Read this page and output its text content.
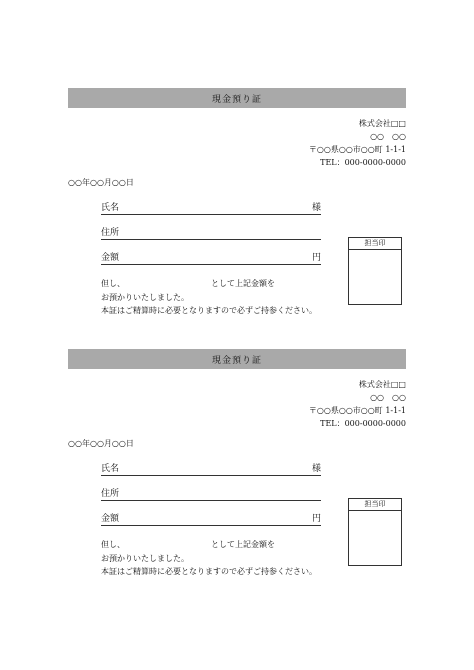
現金預り証
株式会社□□
○○　○○
〒○○県○○市○○町 1-1-1
TEL：000-0000-0000
○○年○○月○○日
氏名	様
住所
金額	円
但し、	として上記金額を
お預かりいたしました。
本証はご精算時に必要となりますので必ずご持参ください。
担当印
現金預り証
株式会社□□
○○　○○
〒○○県○○市○○町 1-1-1
TEL：000-0000-0000
○○年○○月○○日
氏名	様
住所
金額	円
但し、	として上記金額を
お預かりいたしました。
本証はご精算時に必要となりますので必ずご持参ください。
担当印
